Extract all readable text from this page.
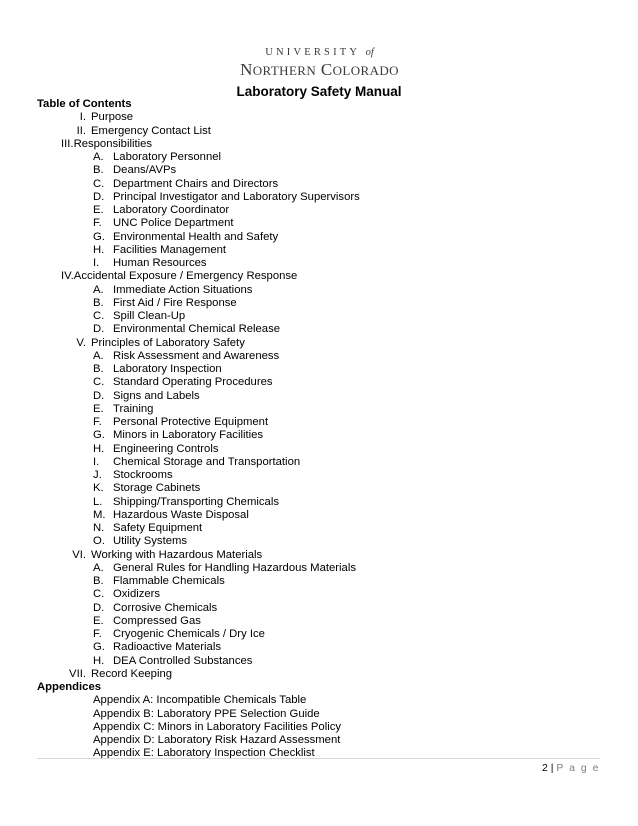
UNIVERSITY of
NORTHERN COLORADO
Laboratory Safety Manual
Table of Contents
I. Purpose
II. Emergency Contact List
III.Responsibilities
A. Laboratory Personnel
B. Deans/AVPs
C. Department Chairs and Directors
D. Principal Investigator and Laboratory Supervisors
E. Laboratory Coordinator
F. UNC Police Department
G. Environmental Health and Safety
H. Facilities Management
I. Human Resources
IV.Accidental Exposure / Emergency Response
A. Immediate Action Situations
B. First Aid / Fire Response
C. Spill Clean-Up
D. Environmental Chemical Release
V. Principles of Laboratory Safety
A. Risk Assessment and Awareness
B. Laboratory Inspection
C. Standard Operating Procedures
D. Signs and Labels
E. Training
F. Personal Protective Equipment
G. Minors in Laboratory Facilities
H. Engineering Controls
I. Chemical Storage and Transportation
J. Stockrooms
K. Storage Cabinets
L. Shipping/Transporting Chemicals
M. Hazardous Waste Disposal
N. Safety Equipment
O. Utility Systems
VI. Working with Hazardous Materials
A. General Rules for Handling Hazardous Materials
B. Flammable Chemicals
C. Oxidizers
D. Corrosive Chemicals
E. Compressed Gas
F. Cryogenic Chemicals / Dry Ice
G. Radioactive Materials
H. DEA Controlled Substances
VII. Record Keeping
Appendices
Appendix A: Incompatible Chemicals Table
Appendix B: Laboratory PPE Selection Guide
Appendix C: Minors in Laboratory Facilities Policy
Appendix D: Laboratory Risk Hazard Assessment
Appendix E: Laboratory Inspection Checklist
2 | P a g e
